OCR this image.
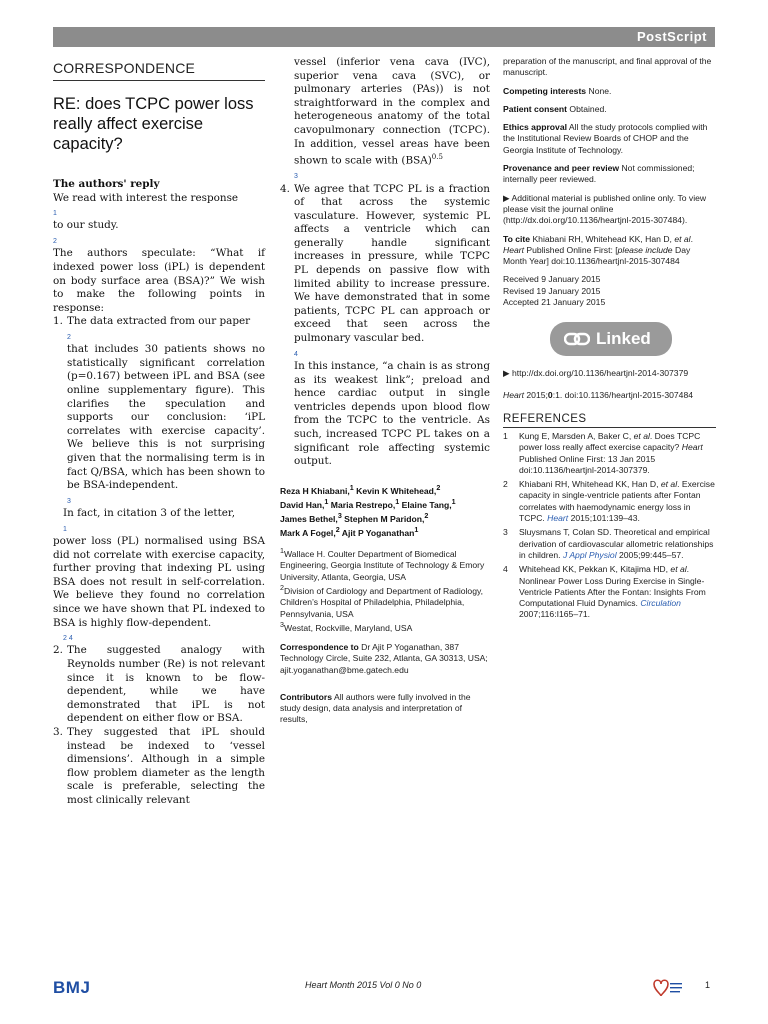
PostScript
CORRESPONDENCE
RE: does TCPC power loss really affect exercise capacity?

The authors' reply

We read with interest the response
1
to our study.
2
The authors speculate: “What if indexed power loss (iPL) is dependent on body surface area (BSA)?” We wish to make the following points in response:

1. The data extracted from our paper
2
that includes 30 patients shows no statistically significant correlation (p=0.167) between iPL and BSA (see online supplementary figure). This clarifies the speculation and supports our conclusion: ‘iPL correlates with exercise capacity’. We believe this is not surprising given that the normalising term is in fact Q/BSA, which has been shown to be BSA-independent.
3

In fact, in citation 3 of the letter,
1
power loss (PL) normalised using BSA did not correlate with exercise capacity, further proving that indexing PL using BSA does not result in self-correlation. We believe they found no correlation since we have shown that PL indexed to BSA is highly flow-dependent.
2 4

2. The suggested analogy with Reynolds number (Re) is not relevant since it is known to be flow-dependent, while we have demonstrated that iPL is not dependent on either flow or BSA.
3. They suggested that iPL should instead be indexed to ‘vessel dimensions’. Although in a simple flow problem diameter as the length scale is preferable, selecting the most clinically relevant
vessel (inferior vena cava (IVC), superior vena cava (SVC), or pulmonary arteries (PAs)) is not straightforward in the complex and heterogeneous anatomy of the total cavopulmonary connection (TCPC). In addition, vessel areas have been shown to scale with (BSA)$^{0.5}$
3
4. We agree that TCPC PL is a fraction of that across the systemic vasculature. However, systemic PL affects a ventricle which can generally handle significant increases in pressure, while TCPC PL depends on passive flow with limited ability to increase pressure. We have demonstrated that in some patients, TCPC PL can approach or exceed that seen across the pulmonary vascular bed.
4
In this instance, “a chain is as strong as its weakest link”; preload and hence cardiac output in single ventricles depends upon blood flow from the TCPC to the ventricle. As such, increased TCPC PL takes on a significant role affecting systemic output.
Reza H Khiabani,$^1$ Kevin K Whitehead,$^2$
David Han,$^1$ Maria Restrepo,$^1$ Elaine Tang,$^1$
James Bethel,$^3$ Stephen M Paridon,$^2$
Mark A Fogel,$^2$ Ajit P Yoganathan$^1$
$^1$Wallace H. Coulter Department of Biomedical Engineering, Georgia Institute of Technology & Emory University, Atlanta, Georgia, USA
$^2$Division of Cardiology and Department of Radiology, Children’s Hospital of Philadelphia, Philadelphia, Pennsylvania, USA
$^3$Westat, Rockville, Maryland, USA

Correspondence to Dr Ajit P Yoganathan, 387 Technology Circle, Suite 232, Atlanta, GA 30313, USA; ajit.yoganathan@bme.gatech.edu

Contributors All authors were fully involved in the study design, data analysis and interpretation of results,

preparation of the manuscript, and final approval of the manuscript.

Competing interests None.

Patient consent Obtained.

Ethics approval All the study protocols complied with the Institutional Review Boards of CHOP and the Georgia Institute of Technology.

Provenance and peer review Not commissioned; internally peer reviewed.

▶ Additional material is published online only. To view please visit the journal online (http://dx.doi.org/10.1136/heartjnl-2015-307484).

To cite Khiabani RH, Whitehead KK, Han D, et al. Heart Published Online First: [please include Day Month Year] doi:10.1136/heartjnl-2015-307484

Received 9 January 2015

Revised 19 January 2015

Accepted 21 January 2015

Linked

▶ http://dx.doi.org/10.1136/heartjnl-2014-307379

Heart 2015;0:1. doi:10.1136/heartjnl-2015-307484

REFERENCES
1	Kung E, Marsden A, Baker C, et al. Does TCPC power loss really affect exercise capacity? Heart Published Online First: 13 Jan 2015 doi:10.1136/heartjnl-2014-307379.
2	Khiabani RH, Whitehead KK, Han D, et al. Exercise capacity in single-ventricle patients after Fontan correlates with haemodynamic energy loss in TCPC. Heart 2015;101:139–43.
3	Sluysmans T, Colan SD. Theoretical and empirical derivation of cardiovascular allometric relationships in children. J Appl Physiol 2005;99:445–57.
4	Whitehead KK, Pekkan K, Kitajima HD, et al. Nonlinear Power Loss During Exercise in Single-Ventricle Patients After the Fontan: Insights From Computational Fluid Dynamics. Circulation 2007;116:I165–71.
BMJ	Heart Month 2015 Vol 0 No 0	1
